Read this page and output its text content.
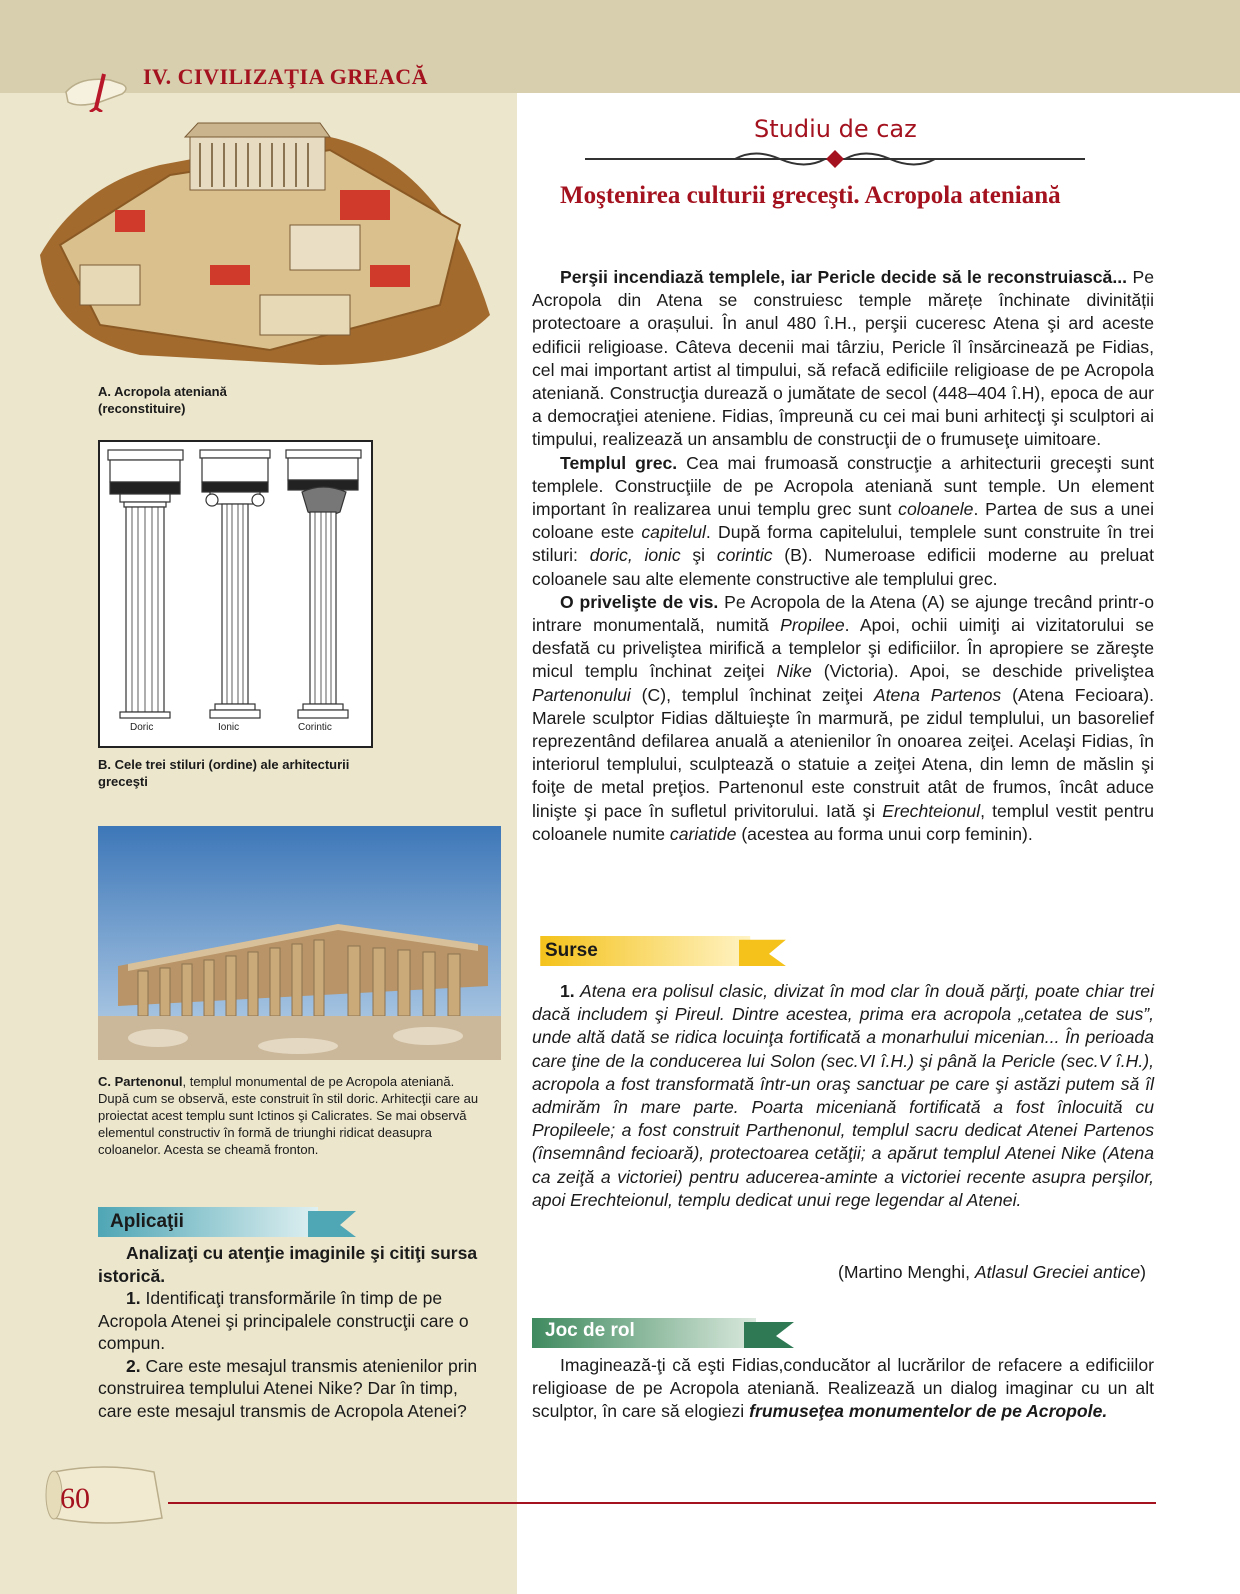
IV. CIVILIZAŢIA GREACĂ
A. Acropola ateniană
(reconstituire)
Doric	Ionic	Corintic
B. Cele trei stiluri (ordine) ale arhitecturii greceşti
C. Partenonul, templul monumental de pe Acropola ateniană. După cum se observă, este construit în stil doric. Arhitecţii care au proiectat acest templu sunt Ictinos şi Calicrates. Se mai observă elementul constructiv în formă de triunghi ridicat deasupra coloanelor. Acesta se cheamă fronton.
Aplicaţii
Analizaţi cu atenţie imaginile şi citiţi sursa istorică.
1. Identificaţi transformările în timp de pe Acropola Atenei şi principalele construcţii care o compun.
2. Care este mesajul transmis atenienilor prin construirea templului Atenei Nike? Dar în timp, care este mesajul transmis de Acropola Atenei?
Studiu de caz
Moştenirea culturii greceşti. Acropola ateniană

Perşii incendiază templele, iar Pericle decide să le reconstruiască... Pe Acropola din Atena se construiesc temple mărețe închinate divinității protectoare a orașului. În anul 480 î.H., perşii cuceresc Atena şi ard aceste edificii religioase. Câteva decenii mai târziu, Pericle îl însărcinează pe Fidias, cel mai important artist al timpului, să refacă edificiile religioase de pe Acropola ateniană. Construcţia durează o jumătate de secol (448–404 î.H), epoca de aur a democraţiei ateniene. Fidias, împreună cu cei mai buni arhitecţi şi sculptori ai timpului, realizează un ansamblu de construcţii de o frumuseţe uimitoare.

Templul grec. Cea mai frumoasă construcţie a arhitecturii greceşti sunt templele. Construcţiile de pe Acropola ateniană sunt temple. Un element important în realizarea unui templu grec sunt coloanele. Partea de sus a unei coloane este capitelul. După forma capitelului, templele sunt construite în trei stiluri: doric, ionic şi corintic (B). Numeroase edificii moderne au preluat coloanele sau alte elemente constructive ale templului grec.

O privelişte de vis. Pe Acropola de la Atena (A) se ajunge trecând printr-o intrare monumentală, numită Propilee. Apoi, ochii uimiţi ai vizitatorului se desfată cu priveliştea mirifică a templelor şi edificiilor. În apropiere se zăreşte micul templu închinat zeiţei Nike (Victoria). Apoi, se deschide priveliştea Partenonului (C), templul închinat zeiţei Atena Partenos (Atena Fecioara). Marele sculptor Fidias dăltuieşte în marmură, pe zidul templului, un basorelief reprezentând defilarea anuală a atenienilor în onoarea zeiţei. Acelaşi Fidias, în interiorul templului, sculptează o statuie a zeiţei Atena, din lemn de măslin şi foiţe de metal preţios. Partenonul este construit atât de frumos, încât aduce linişte şi pace în sufletul privitorului. Iată şi Erechteionul, templul vestit pentru coloanele numite cariatide (acestea au forma unui corp feminin).

Surse

1. Atena era polisul clasic, divizat în mod clar în două părţi, poate chiar trei dacă includem şi Pireul. Dintre acestea, prima era acropola „cetatea de sus”, unde altă dată se ridica locuinţa fortificată a monarhului micenian... În perioada care ţine de la conducerea lui Solon (sec.VI î.H.) şi până la Pericle (sec.V î.H.), acropola a fost transformată într-un oraş sanctuar pe care şi astăzi putem să îl admirăm în mare parte. Poarta miceniană fortificată a fost înlocuită cu Propileele; a fost construit Parthenonul, templul sacru dedicat Atenei Partenos (însemnând fecioară), protectoarea cetăţii; a apărut templul Atenei Nike (Atena ca zeiţă a victoriei) pentru aducerea-aminte a victoriei recente asupra perşilor, apoi Erechteionul, templu dedicat unui rege legendar al Atenei.

(Martino Menghi, Atlasul Greciei antice)
Joc de rol

Imaginează-ţi că eşti Fidias,conducător al lucrărilor de refacere a edificiilor religioase de pe Acropola ateniană. Realizează un dialog imaginar cu un alt sculptor, în care să elogiezi frumuseţea monumentelor de pe Acropole.

60
